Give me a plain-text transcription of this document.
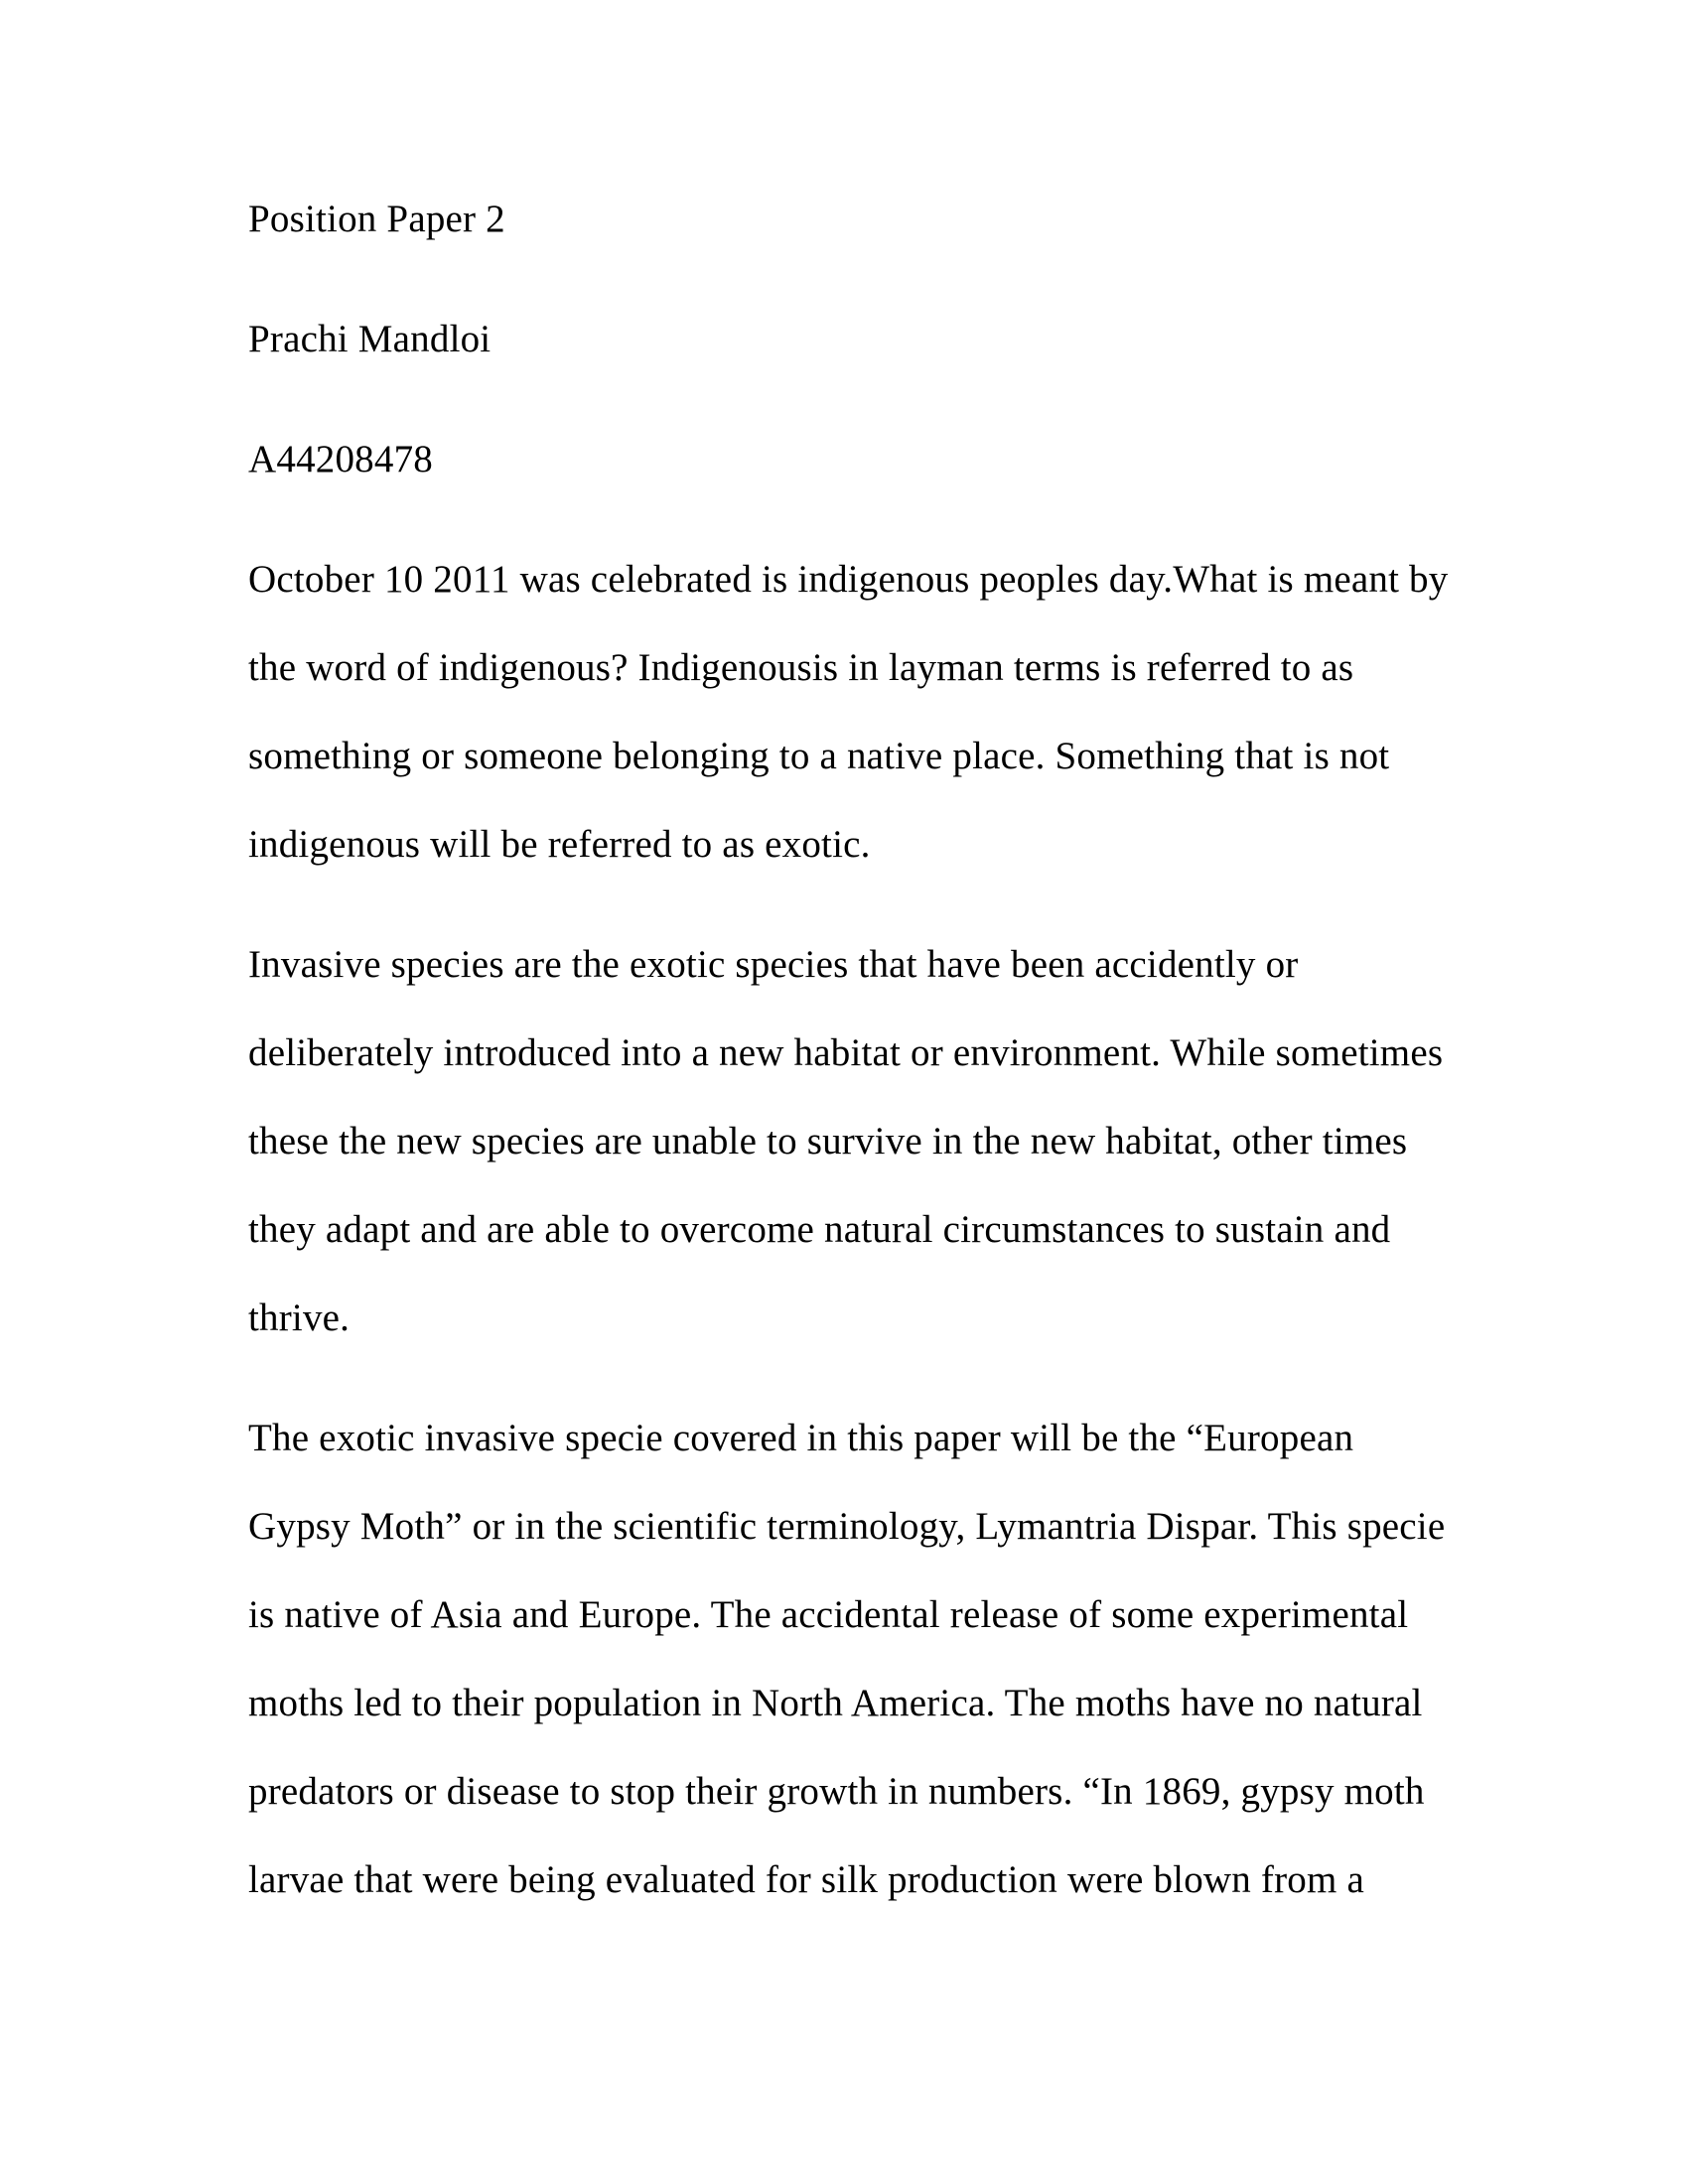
Position Paper 2
Prachi Mandloi
A44208478
October 10 2011 was celebrated is indigenous peoples day.What is meant by
the word of indigenous? Indigenousis in layman terms is referred to as
something or someone belonging to a native place. Something that is not
indigenous will be referred to as exotic.
Invasive species are the exotic species that have been accidently or
deliberately introduced into a new habitat or environment. While sometimes
these the new species are unable to survive in the new habitat, other times
they adapt and are able to overcome natural circumstances to sustain and
thrive.
The exotic invasive specie covered in this paper will be the “European
Gypsy Moth” or in the scientific terminology, Lymantria Dispar. This specie
is native of Asia and Europe. The accidental release of some experimental
moths led to their population in North America. The moths have no natural
predators or disease to stop their growth in numbers. “In 1869, gypsy moth
larvae that were being evaluated for silk production were blown from a
